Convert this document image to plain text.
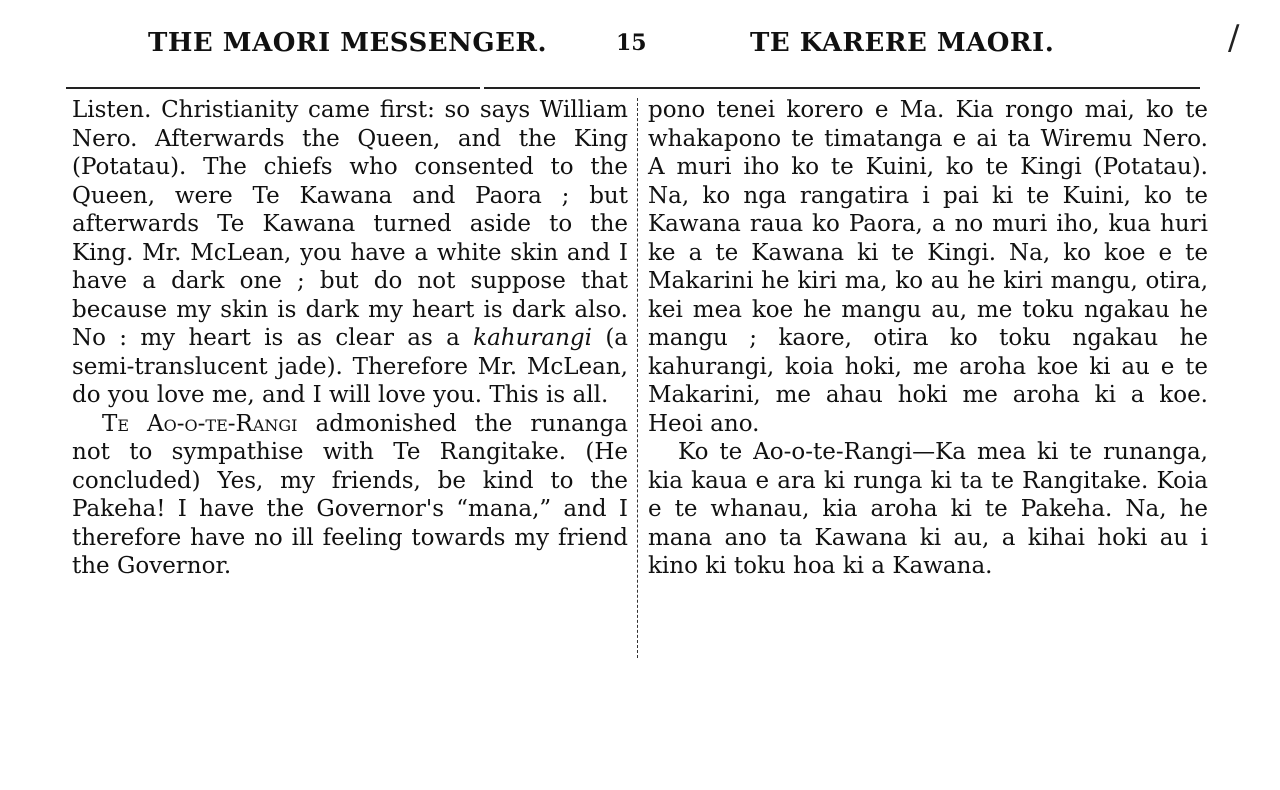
THE MAORI MESSENGER.	15	TE KARERE MAORI.	/

Listen. Christianity came first: so says William Nero. Afterwards the Queen, and the King (Potatau). The chiefs who consented to the Queen, were Te Kawana and Paora ; but afterwards Te Kawana turned aside to the King. Mr. McLean, you have a white skin and I have a dark one ; but do not suppose that because my skin is dark my heart is dark also. No : my heart is as clear as a kahurangi (a semi-translucent jade). Therefore Mr. McLean, do you love me, and I will love you. This is all.

Te Ao-o-te-Rangi admonished the runanga not to sympathise with Te Rangitake. (He concluded) Yes, my friends, be kind to the Pakeha! I have the Governor's “mana,” and I therefore have no ill feeling towards my friend the Governor.

pono tenei korero e Ma. Kia rongo mai, ko te whakapono te timatanga e ai ta Wiremu Nero. A muri iho ko te Kuini, ko te Kingi (Potatau). Na, ko nga rangatira i pai ki te Kuini, ko te Kawana raua ko Paora, a no muri iho, kua huri ke a te Kawana ki te Kingi. Na, ko koe e te Makarini he kiri ma, ko au he kiri mangu, otira, kei mea koe he mangu au, me toku ngakau he mangu ; kaore, otira ko toku ngakau he kahurangi, koia hoki, me aroha koe ki au e te Makarini, me ahau hoki me aroha ki a koe. Heoi ano.

Ko te Ao-o-te-Rangi—Ka mea ki te runanga, kia kaua e ara ki runga ki ta te Rangitake. Koia e te whanau, kia aroha ki te Pakeha. Na, he mana ano ta Kawana ki au, a kihai hoki au i kino ki toku hoa ki a Kawana.
